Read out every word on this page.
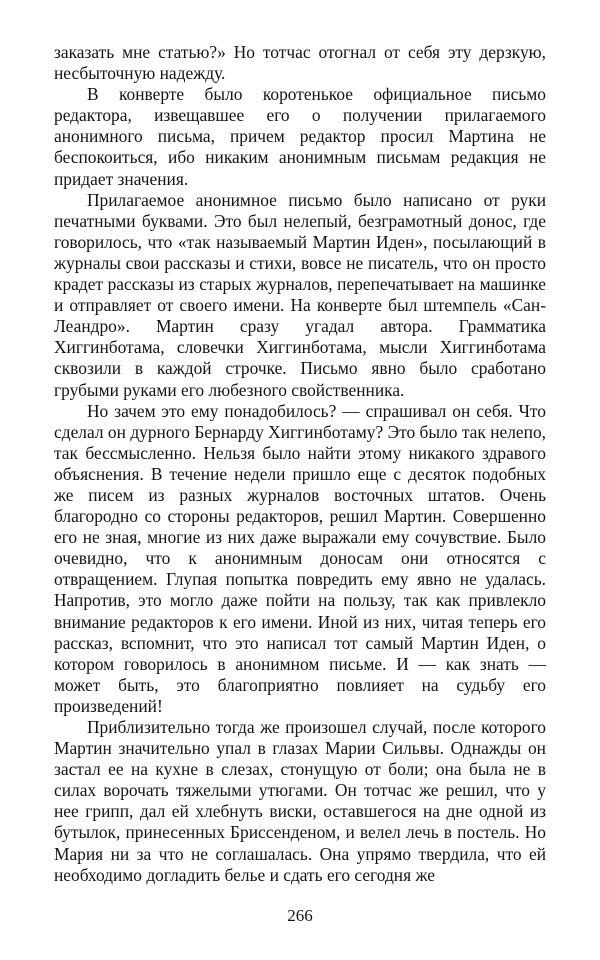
заказать мне статью?» Но тотчас отогнал от себя эту дерзкую, несбыточную надежду.

В конверте было коротенькое официальное письмо редактора, извещавшее его о получении прилагаемого анонимного письма, причем редактор просил Мартина не беспокоиться, ибо никаким анонимным письмам редакция не придает значения.

Прилагаемое анонимное письмо было написано от руки печатными буквами. Это был нелепый, безграмотный донос, где говорилось, что «так называемый Мартин Иден», посылающий в журналы свои рассказы и стихи, вовсе не писатель, что он просто крадет рассказы из старых журналов, перепечатывает на машинке и отправляет от своего имени. На конверте был штемпель «Сан-Леандро». Мартин сразу угадал автора. Грамматика Хиггинботама, словечки Хиггинботама, мысли Хиггинботама сквозили в каждой строчке. Письмо явно было сработано грубыми руками его любезного свойственника.

Но зачем это ему понадобилось? — спрашивал он себя. Что сделал он дурного Бернарду Хиггинботаму? Это было так нелепо, так бессмысленно. Нельзя было найти этому никакого здравого объяснения. В течение недели пришло еще с десяток подобных же писем из разных журналов восточных штатов. Очень благородно со стороны редакторов, решил Мартин. Совершенно его не зная, многие из них даже выражали ему сочувствие. Было очевидно, что к анонимным доносам они относятся с отвращением. Глупая попытка повредить ему явно не удалась. Напротив, это могло даже пойти на пользу, так как привлекло внимание редакторов к его имени. Иной из них, читая теперь его рассказ, вспомнит, что это написал тот самый Мартин Иден, о котором говорилось в анонимном письме. И — как знать — может быть, это благоприятно повлияет на судьбу его произведений!

Приблизительно тогда же произошел случай, после которого Мартин значительно упал в глазах Марии Сильвы. Однажды он застал ее на кухне в слезах, стонущую от боли; она была не в силах ворочать тяжелыми утюгами. Он тотчас же решил, что у нее грипп, дал ей хлебнуть виски, оставшегося на дне одной из бутылок, принесенных Бриссенденом, и велел лечь в постель. Но Мария ни за что не соглашалась. Она упрямо твердила, что ей необходимо догладить белье и сдать его сегодня же

266
